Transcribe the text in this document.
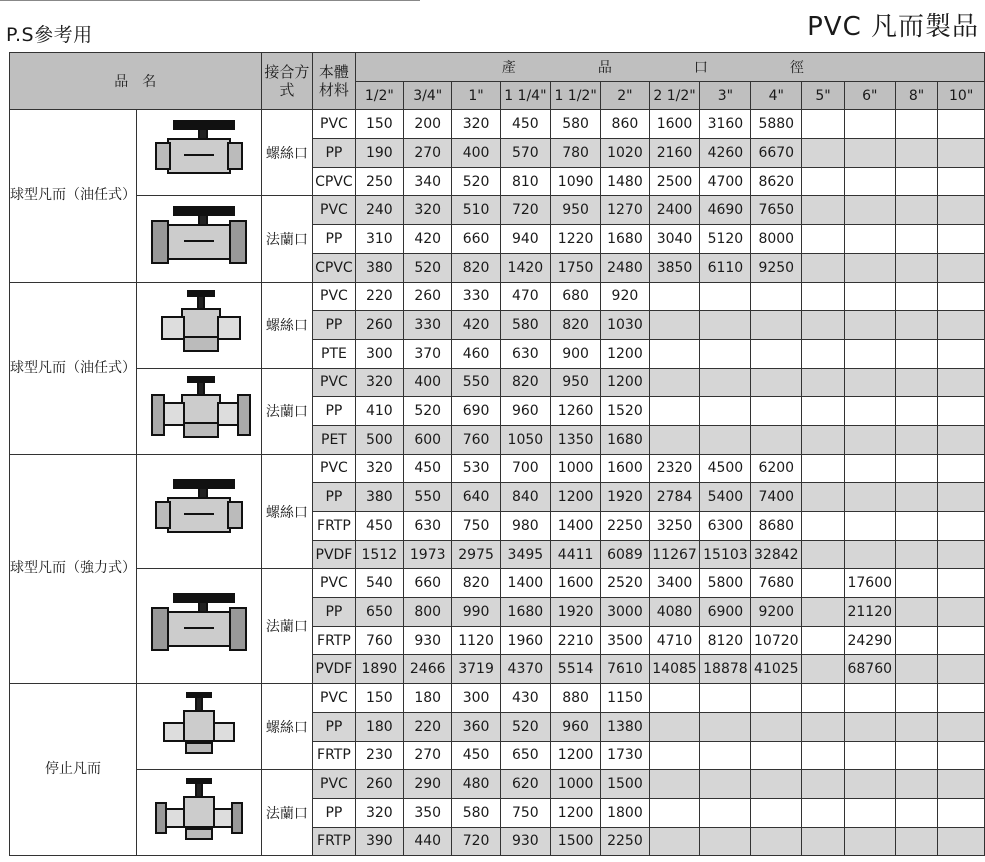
P.S參考用	PVC 凡而製品
品　名		接合方式	本體材料	產　品　口　徑												
				1/2"	3/4"	1"	1 1/4"	1 1/2"	2"	2 1/2"	3"	4"	5"	6"	8"	10"
球型凡而（油任式）		螺絲口	PVC	150	200	320	450	580	860	1600	3160	5880				
			PP	190	270	400	570	780	1020	2160	4260	6670				
			CPVC	250	340	520	810	1090	1480	2500	4700	8620				
	法蘭口	PVC	240	320	510	720	950	1270	2400	4690	7650				
			PP	310	420	660	940	1220	1680	3040	5120	8000				
			CPVC	380	520	820	1420	1750	2480	3850	6110	9250				
球型凡而（油任式）		螺絲口	PVC	220	260	330	470	680	920							
			PP	260	330	420	580	820	1030							
			PTE	300	370	460	630	900	1200							
	法蘭口	PVC	320	400	550	820	950	1200							
			PP	410	520	690	960	1260	1520							
			PET	500	600	760	1050	1350	1680							
球型凡而（強力式）		螺絲口	PVC	320	450	530	700	1000	1600	2320	4500	6200				
			PP	380	550	640	840	1200	1920	2784	5400	7400				
			FRTP	450	630	750	980	1400	2250	3250	6300	8680				
			PVDF	1512	1973	2975	3495	4411	6089	11267	15103	32842				
	法蘭口	PVC	540	660	820	1400	1600	2520	3400	5800	7680		17600		
			PP	650	800	990	1680	1920	3000	4080	6900	9200		21120		
			FRTP	760	930	1120	1960	2210	3500	4710	8120	10720		24290		
			PVDF	1890	2466	3719	4370	5514	7610	14085	18878	41025		68760		
停止凡而		螺絲口	PVC	150	180	300	430	880	1150							
			PP	180	220	360	520	960	1380							
			FRTP	230	270	450	650	1200	1730							
	法蘭口	PVC	260	290	480	620	1000	1500							
			PP	320	350	580	750	1200	1800							
			FRTP	390	440	720	930	1500	2250							
